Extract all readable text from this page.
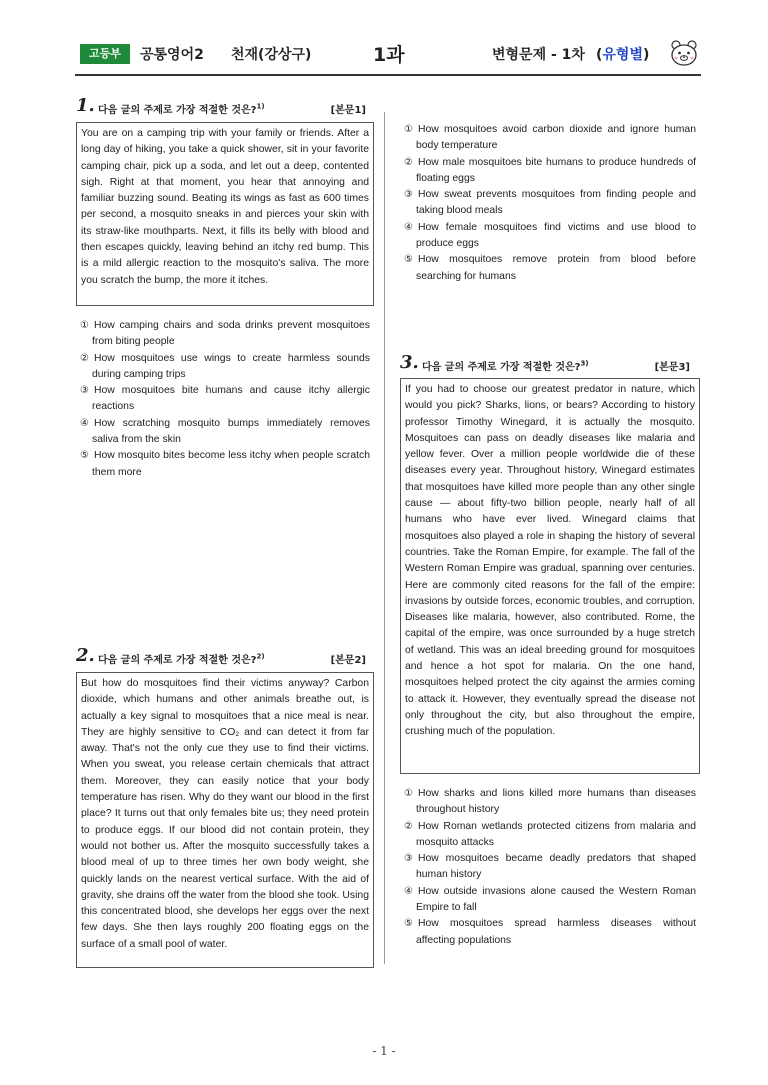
고등부	공통영어2 천재(강상구)	1과	변형문제 - 1차 (유형별)
1. 다음 글의 주제로 가장 적절한 것은?$^{1)}$	[본문1]
You are on a camping trip with your family or friends. After a long day of hiking, you take a quick shower, sit in your favorite camping chair, pick up a soda, and let out a deep, contented sigh. Right at that moment, you hear that annoying and familiar buzzing sound. Beating its wings as fast as 600 times per second, a mosquito sneaks in and pierces your skin with its straw-like mouthparts. Next, it fills its belly with blood and then escapes quickly, leaving behind an itchy red bump. This is a mild allergic reaction to the mosquito's saliva. The more you scratch the bump, the more it itches.
① How camping chairs and soda drinks prevent mosquitoes from biting people
② How mosquitoes use wings to create harmless sounds during camping trips
③ How mosquitoes bite humans and cause itchy allergic reactions
④ How scratching mosquito bumps immediately removes saliva from the skin
⑤ How mosquito bites become less itchy when people scratch them more
2. 다음 글의 주제로 가장 적절한 것은?$^{2)}$	[본문2]
But how do mosquitoes find their victims anyway? Carbon dioxide, which humans and other animals breathe out, is actually a key signal to mosquitoes that a nice meal is near. They are highly sensitive to CO₂ and can detect it from far away. That's not the only cue they use to find their victims. When you sweat, you release certain chemicals that attract them. Moreover, they can easily notice that your body temperature has risen. Why do they want our blood in the first place? It turns out that only females bite us; they need protein to produce eggs. If our blood did not contain protein, they would not bother us. After the mosquito successfully takes a blood meal of up to three times her own body weight, she quickly lands on the nearest vertical surface. With the aid of gravity, she drains off the water from the blood she took. Using this concentrated blood, she develops her eggs over the next few days. She then lays roughly 200 floating eggs on the surface of a small pool of water.
① How mosquitoes avoid carbon dioxide and ignore human body temperature
② How male mosquitoes bite humans to produce hundreds of floating eggs
③ How sweat prevents mosquitoes from finding people and taking blood meals
④ How female mosquitoes find victims and use blood to produce eggs
⑤ How mosquitoes remove protein from blood before searching for humans
3. 다음 글의 주제로 가장 적절한 것은?$^{3)}$	[본문3]
If you had to choose our greatest predator in nature, which would you pick? Sharks, lions, or bears? According to history professor Timothy Winegard, it is actually the mosquito. Mosquitoes can pass on deadly diseases like malaria and yellow fever. Over a million people worldwide die of these diseases every year. Throughout history, Winegard estimates that mosquitoes have killed more people than any other single cause — about fifty-two billion people, nearly half of all humans who have ever lived. Winegard claims that mosquitoes also played a role in shaping the history of several countries. Take the Roman Empire, for example. The fall of the Western Roman Empire was gradual, spanning over centuries. Here are commonly cited reasons for the fall of the empire: invasions by outside forces, economic troubles, and corruption. Diseases like malaria, however, also contributed. Rome, the capital of the empire, was once surrounded by a huge stretch of wetland. This was an ideal breeding ground for mosquitoes and hence a hot spot for malaria. On the one hand, mosquitoes helped protect the city against the armies coming to attack it. However, they eventually spread the disease not only throughout the city, but also throughout the empire, crushing much of the population.
① How sharks and lions killed more humans than diseases throughout history
② How Roman wetlands protected citizens from malaria and mosquito attacks
③ How mosquitoes became deadly predators that shaped human history
④ How outside invasions alone caused the Western Roman Empire to fall
⑤ How mosquitoes spread harmless diseases without affecting populations
- 1 -
